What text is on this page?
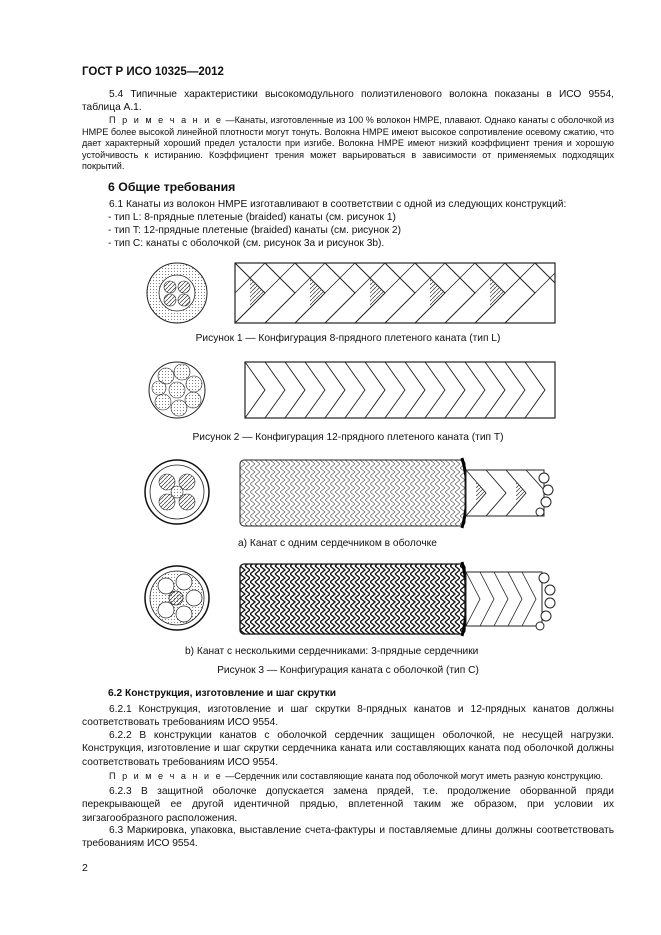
ГОСТ Р ИСО 10325—2012
5.4 Типичные характеристики высокомодульного полиэтиленового волокна показаны в ИСО 9554, таблица А.1.
П р и м е ч а н и е —Канаты, изготовленные из 100 % волокон HMPE, плавают. Однако канаты с оболочкой из HMPE более высокой линейной плотности могут тонуть. Волокна HMPE имеют высокое сопротивление осевому сжатию, что дает характерный хороший предел усталости при изгибе. Волокна HMPE имеют низкий коэффициент трения и хорошую устойчивость к истиранию. Коэффициент трения может варьироваться в зависимости от применяемых подходящих покрытий.
6 Общие требования
6.1 Канаты из волокон HMPE изготавливают в соответствии с одной из следующих конструкций:
- тип L: 8-прядные плетеные (braided) канаты (см. рисунок 1)
- тип T: 12-прядные плетеные (braided) канаты (см. рисунок 2)
- тип C: канаты с оболочкой (см. рисунок 3а и рисунок 3b).
Рисунок 1 — Конфигурация 8-прядного плетеного каната (тип L)
Рисунок 2 — Конфигурация 12-прядного плетеного каната (тип T)
а) Канат с одним сердечником в оболочке
b) Канат с несколькими сердечниками: 3-прядные сердечники
Рисунок 3 — Конфигурация каната с оболочкой (тип C)
6.2 Конструкция, изготовление и шаг скрутки
6.2.1 Конструкция, изготовление и шаг скрутки 8-прядных канатов и 12-прядных канатов должны соответствовать требованиям ИСО 9554.
6.2.2 В конструкции канатов с оболочкой сердечник защищен оболочкой, не несущей нагрузки. Конструкция, изготовление и шаг скрутки сердечника каната или составляющих каната под оболочкой должны соответствовать требованиям ИСО 9554.
П р и м е ч а н и е —Сердечник или составляющие каната под оболочкой могут иметь разную конструкцию.
6.2.3 В защитной оболочке допускается замена прядей, т.е. продолжение оборванной пряди перекрывающей ее другой идентичной прядью, вплетенной таким же образом, при условии их зигзагообразного расположения.
6.3 Маркировка, упаковка, выставление счета-фактуры и поставляемые длины должны соответствовать требованиям ИСО 9554.
2
